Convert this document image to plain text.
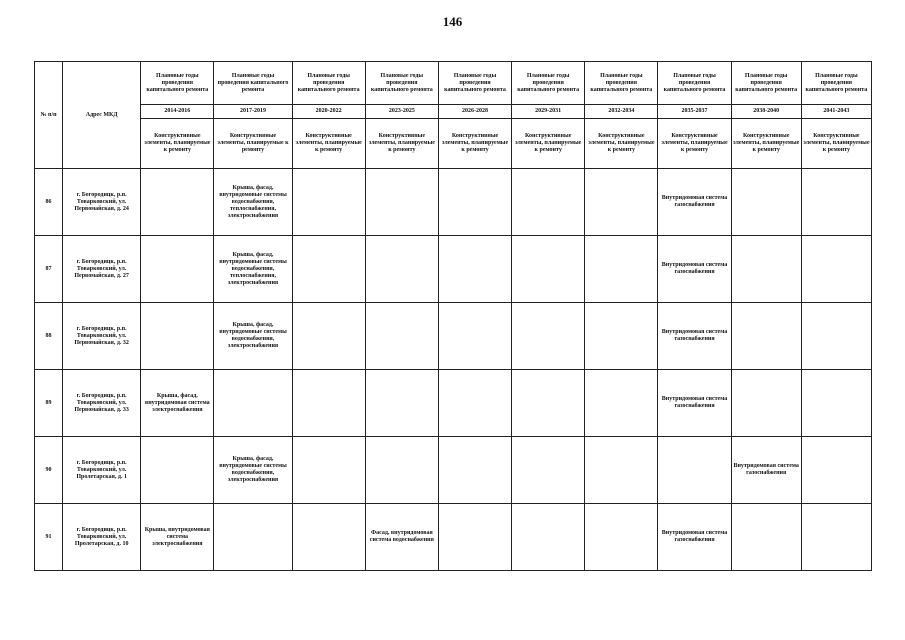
146
№ п/п	Адрес МКД	Плановые годы проведения капитального ремонта	Плановые годы проведения капитального ремонта	Плановые годы проведения капитального ремонта	Плановые годы проведения капитального ремонта	Плановые годы проведения капитального ремонта	Плановые годы проведения капитального ремонта	Плановые годы проведения капитального ремонта	Плановые годы проведения капитального ремонта	Плановые годы проведения капитального ремонта	Плановые годы проведения капитального ремонта
		2014-2016	2017-2019	2020-2022	2023-2025	2026-2028	2029-2031	2032-2034	2035-2037	2038-2040	2041-2043
		Конструктивные элементы, планируемые к ремонту	Конструктивные элементы, планируемые к ремонту	Конструктивные элементы, планируемые к ремонту	Конструктивные элементы, планируемые к ремонту	Конструктивные элементы, планируемые к ремонту	Конструктивные элементы, планируемые к ремонту	Конструктивные элементы, планируемые к ремонту	Конструктивные элементы, планируемые к ремонту	Конструктивные элементы, планируемые к ремонту	Конструктивные элементы, планируемые к ремонту
86	г. Богородицк, р.п. Товарковский, ул. Первомайская, д. 24		Крыша, фасад, внутридомовые системы водоснабжения, теплоснабжения, электроснабжения						Внутридомовая система газоснабжения		
87	г. Богородицк, р.п. Товарковский, ул. Первомайская, д. 27		Крыша, фасад, внутридомовые системы водоснабжения, теплоснабжения, электроснабжения						Внутридомовая система газоснабжения		
88	г. Богородицк, р.п. Товарковский, ул. Первомайская, д. 32		Крыша, фасад, внутридомовые системы водоснабжения, электроснабжения						Внутридомовая система газоснабжения		
89	г. Богородицк, р.п. Товарковский, ул. Первомайская, д. 33	Крыша, фасад, внутридомовая система электроснабжения							Внутридомовая система газоснабжения		
90	г. Богородицк, р.п. Товарковский, ул. Пролетарская, д. 1		Крыша, фасад, внутридомовые системы водоснабжения, электроснабжения							Внутридомовая система газоснабжения	
91	г. Богородицк, р.п. Товарковский, ул. Пролетарская, д. 10	Крыша, внутридомовая система электроснабжения			Фасад, внутридомовая система водоснабжения				Внутридомовая система газоснабжения		
